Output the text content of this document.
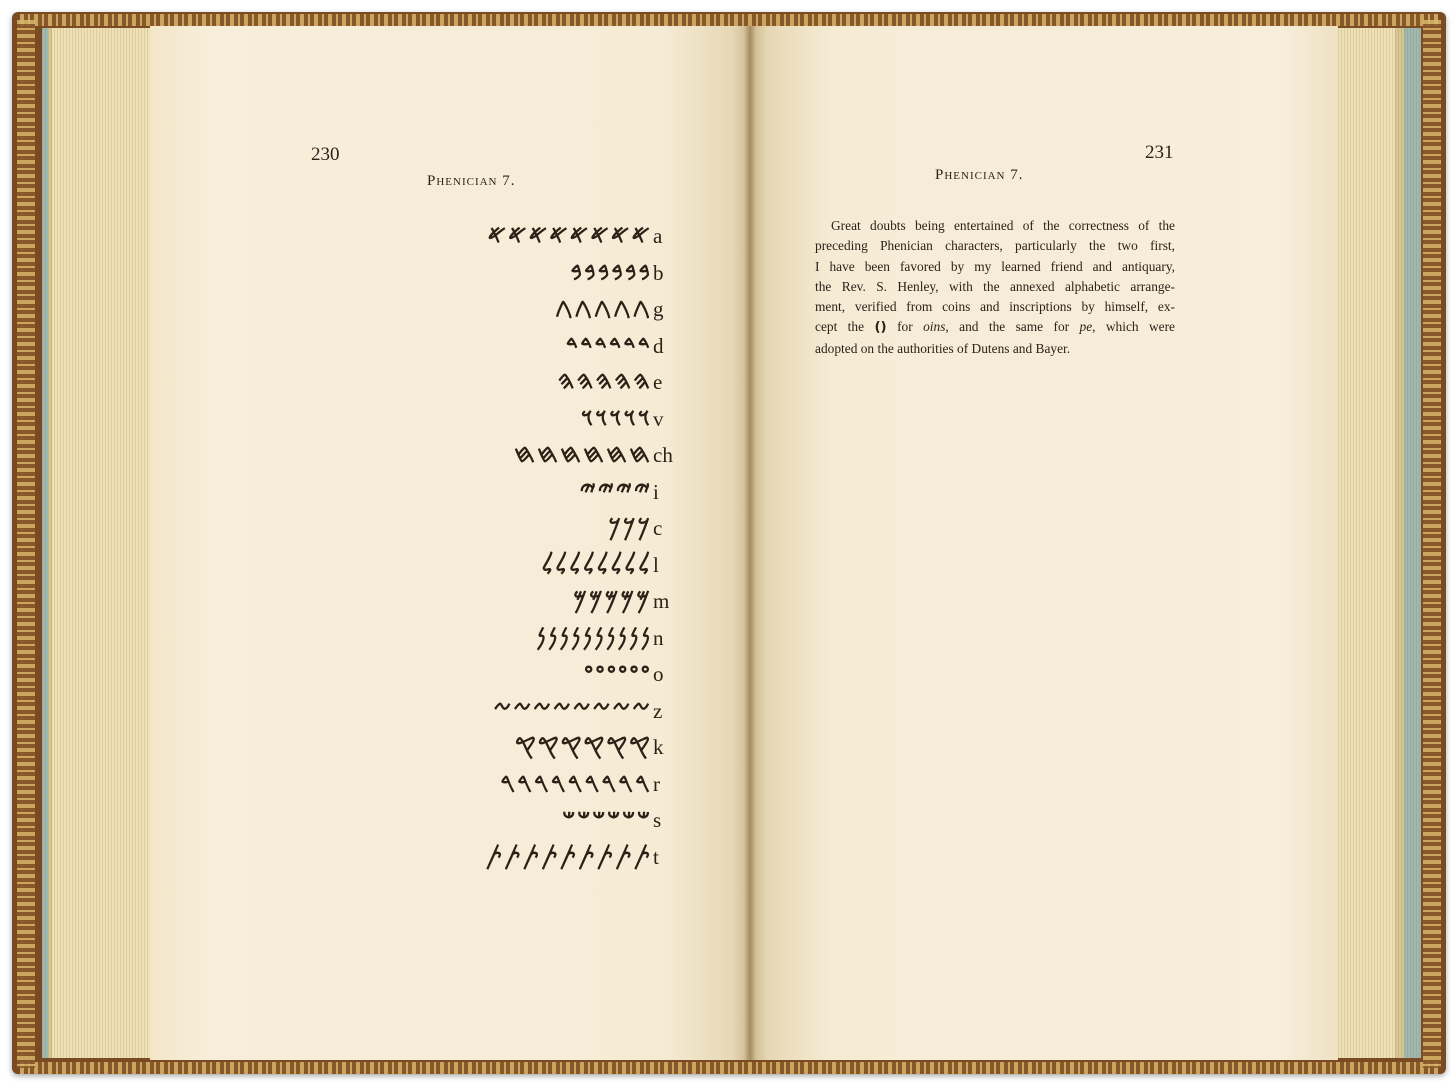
230
Phenician 7.
𐤀𐤀𐤀𐤀𐤀𐤀𐤀𐤀 a
𐤁𐤁𐤁𐤁𐤁𐤁 b
𐤂𐤂𐤂𐤂𐤂 g
𐤃𐤃𐤃𐤃𐤃𐤃 d
𐤄𐤄𐤄𐤄𐤄 e
𐤅𐤅𐤅𐤅𐤅 v
𐤇𐤇𐤇𐤇𐤇𐤇 ch
𐤉𐤉𐤉𐤉 i
𐤊𐤊𐤊 c
𐤋𐤋𐤋𐤋𐤋𐤋𐤋𐤋 l
𐤌𐤌𐤌𐤌𐤌 m
𐤍𐤍𐤍𐤍𐤍𐤍𐤍𐤍𐤍𐤍 n
𐤏𐤏𐤏𐤏𐤏𐤏 o
𐤆𐤆𐤆𐤆𐤆𐤆𐤆𐤆 z
𐤒𐤒𐤒𐤒𐤒𐤒 k
𐤓𐤓𐤓𐤓𐤓𐤓𐤓𐤓𐤓 r
𐤔𐤔𐤔𐤔𐤔𐤔 s
𐤕𐤕𐤕𐤕𐤕𐤕𐤕𐤕𐤕 t
231
Phenician 7.
Great doubts being entertained of the correctness of the
preceding Phenician characters, particularly the two first,
I have been favored by my learned friend and antiquary,
the Rev. S. Henley, with the annexed alphabetic arrange-
ment, verified from coins and inscriptions by himself, ex-
cept the () for oins, and the same for pe, which were
adopted on the authorities of Dutens and Bayer.
